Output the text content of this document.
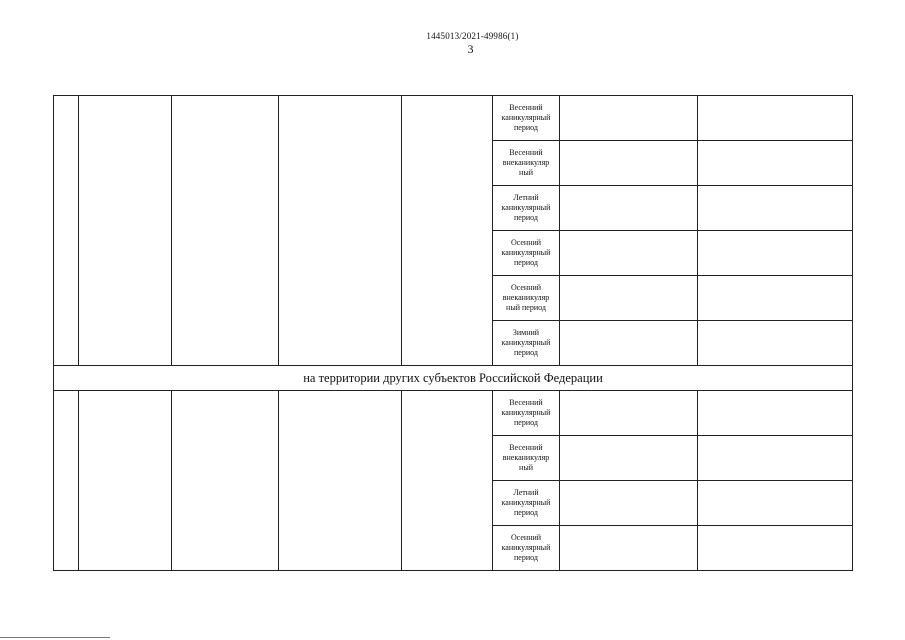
1445013/2021-49986(1)
3

					Весенний
каникулярный
период		

					Весенний
внеканикуляр
ный		

					Летний
каникулярный
период		

					Осенний
каникулярный
период		

					Осенний
внеканикуляр
ный период		

					Зимний
каникулярный
период		

на территории других субъектов Российской Федерации							

					Весенний
каникулярный
период		

					Весенний
внеканикуляр
ный		

					Летний
каникулярный
период		

					Осенний
каникулярный
период		
